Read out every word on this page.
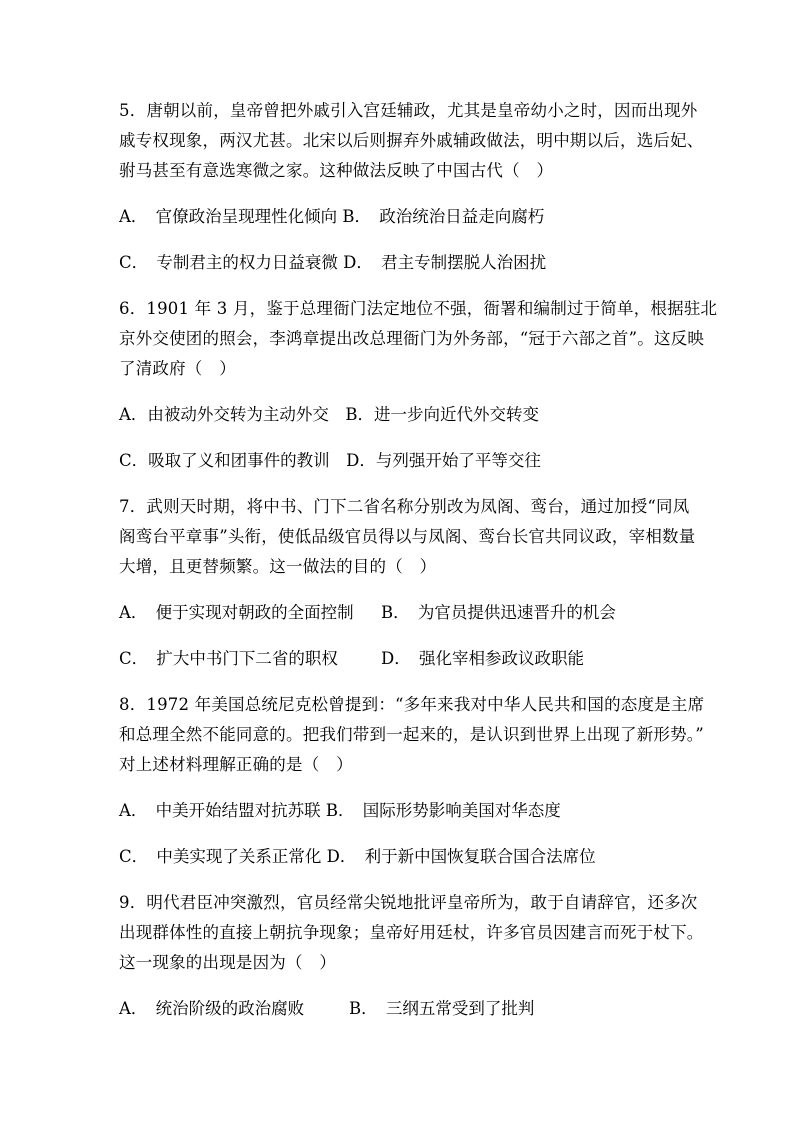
5．唐朝以前，皇帝曾把外戚引入宫廷辅政，尤其是皇帝幼小之时，因而出现外
戚专权现象，两汉尤甚。北宋以后则摒弃外戚辅政做法，明中期以后，选后妃、
驸马甚至有意选寒微之家。这种做法反映了中国古代（　）
A．　官僚政治呈现理性化倾向 B．　政治统治日益走向腐朽
C．　专制君主的权力日益衰微 D．　君主专制摆脱人治困扰
6．1901 年 3 月，鉴于总理衙门法定地位不强，衙署和编制过于简单，根据驻北
京外交使团的照会，李鸿章提出改总理衙门为外务部，“冠于六部之首”。这反映
了清政府（　）
A．由被动外交转为主动外交　B．进一步向近代外交转变
C．吸取了义和团事件的教训　D．与列强开始了平等交往
7．武则天时期，将中书、门下二省名称分别改为凤阁、鸾台，通过加授“同凤
阁鸾台平章事”头衔，使低品级官员得以与凤阁、鸾台长官共同议政，宰相数量
大增，且更替频繁。这一做法的目的（　）
A．　便于实现对朝政的全面控制	B．　为官员提供迅速晋升的机会
C．　扩大中书门下二省的职权	D．　强化宰相参政议政职能
8．1972 年美国总统尼克松曾提到：“多年来我对中华人民共和国的态度是主席
和总理全然不能同意的。把我们带到一起来的，是认识到世界上出现了新形势。”
对上述材料理解正确的是（　）
A．　中美开始结盟对抗苏联 B．　国际形势影响美国对华态度
C．　中美实现了关系正常化 D．　利于新中国恢复联合国合法席位
9．明代君臣冲突激烈，官员经常尖锐地批评皇帝所为，敢于自请辞官，还多次
出现群体性的直接上朝抗争现象；皇帝好用廷杖，许多官员因建言而死于杖下。
这一现象的出现是因为（　）
A．　统治阶级的政治腐败	B．　三纲五常受到了批判
